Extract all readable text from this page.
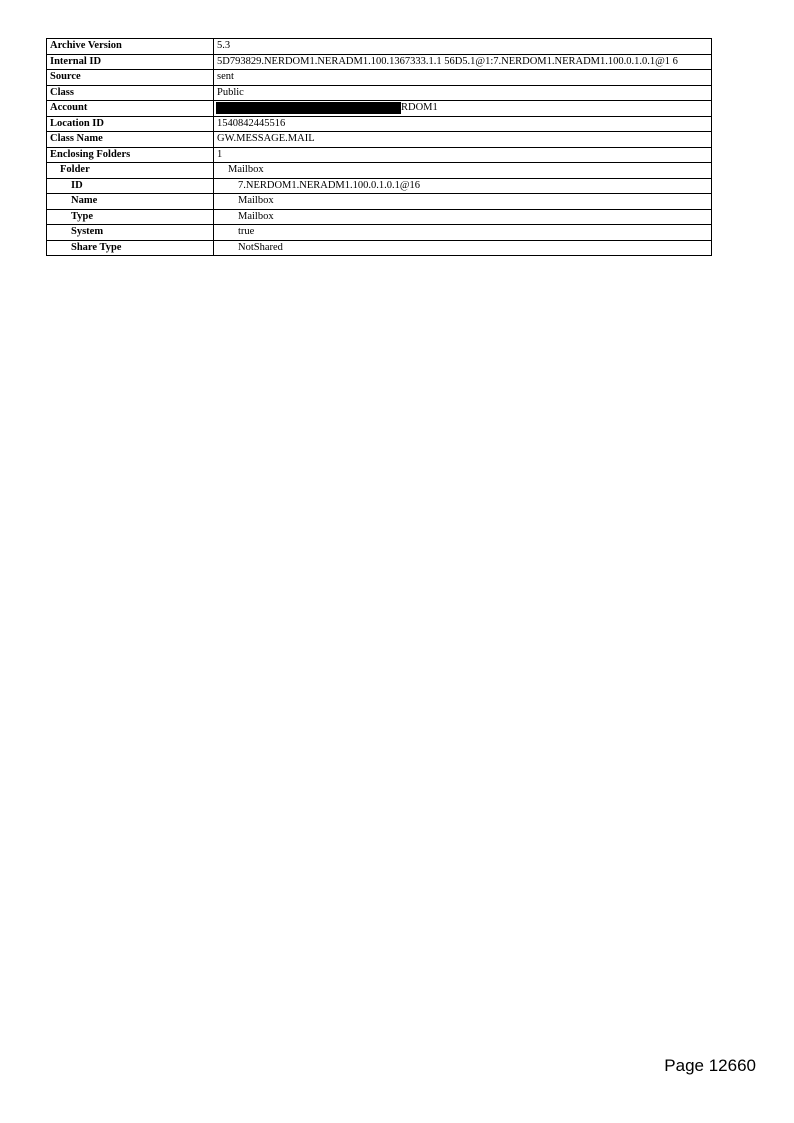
Archive Version	5.3
Internal ID	5D793829.NERDOM1.NERADM1.100.1367333.1.1 56D5.1@1:7.NERDOM1.NERADM1.100.0.1.0.1@1 6
Source	sent
Class	Public
Account	RDOM1
Location ID	1540842445516
Class Name	GW.MESSAGE.MAIL
Enclosing Folders	1
Folder	Mailbox
ID	7.NERDOM1.NERADM1.100.0.1.0.1@16
Name	Mailbox
Type	Mailbox
System	true
Share Type	NotShared
Page 12660
